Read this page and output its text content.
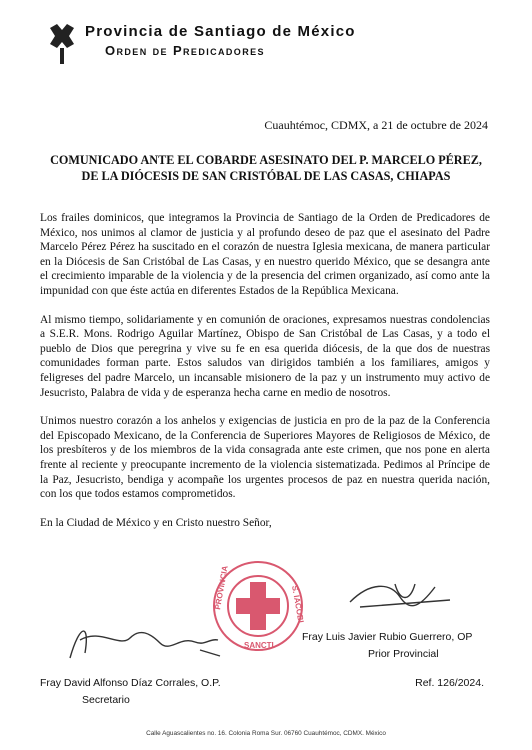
Provincia de Santiago de México
Orden de Predicadores
Cuauhtémoc, CDMX, a 21 de octubre de 2024
COMUNICADO ANTE EL COBARDE ASESINATO DEL P. MARCELO PÉREZ,
DE LA DIÓCESIS DE SAN CRISTÓBAL DE LAS CASAS, CHIAPAS

Los frailes dominicos, que integramos la Provincia de Santiago de la Orden de Predicadores de México, nos unimos al clamor de justicia y al profundo deseo de paz que el asesinato del Padre Marcelo Pérez Pérez ha suscitado en el corazón de nuestra Iglesia mexicana, de manera particular en la Diócesis de San Cristóbal de Las Casas, y en nuestro querido México, que se desangra ante el crecimiento imparable de la violencia y de la presencia del crimen organizado, así como ante la impunidad con que éste actúa en diferentes Estados de la República Mexicana.

Al mismo tiempo, solidariamente y en comunión de oraciones, expresamos nuestras condolencias a S.E.R. Mons. Rodrigo Aguilar Martínez, Obispo de San Cristóbal de Las Casas, y a todo el pueblo de Dios que peregrina y vive su fe en esa querida diócesis, de la que dos de nuestras comunidades forman parte. Estos saludos van dirigidos también a los familiares, amigos y feligreses del padre Marcelo, un incansable misionero de la paz y un instrumento muy activo de Jesucristo, Palabra de vida y de esperanza hecha carne en medio de nosotros.

Unimos nuestro corazón a los anhelos y exigencias de justicia en pro de la paz de la Conferencia del Episcopado Mexicano, de la Conferencia de Superiores Mayores de Religiosos de México, de los presbíteros y de los miembros de la vida consagrada ante este crimen, que nos pone en alerta frente al reciente y preocupante incremento de la violencia sistematizada. Pedimos al Príncipe de la Paz, Jesucristo, bendiga y acompañe los urgentes procesos de paz en nuestra querida nación, con los que todos estamos comprometidos.

En la Ciudad de México y en Cristo nuestro Señor,

PROVINCIA	S. IACOBI
SANCTI
Fray David Alfonso Díaz Corrales, O.P.
Secretario
Fray Luis Javier Rubio Guerrero, OP
Prior Provincial
Ref. 126/2024.
Calle Aguascalientes no. 16. Colonia Roma Sur. 06760 Cuauhtémoc, CDMX. México
